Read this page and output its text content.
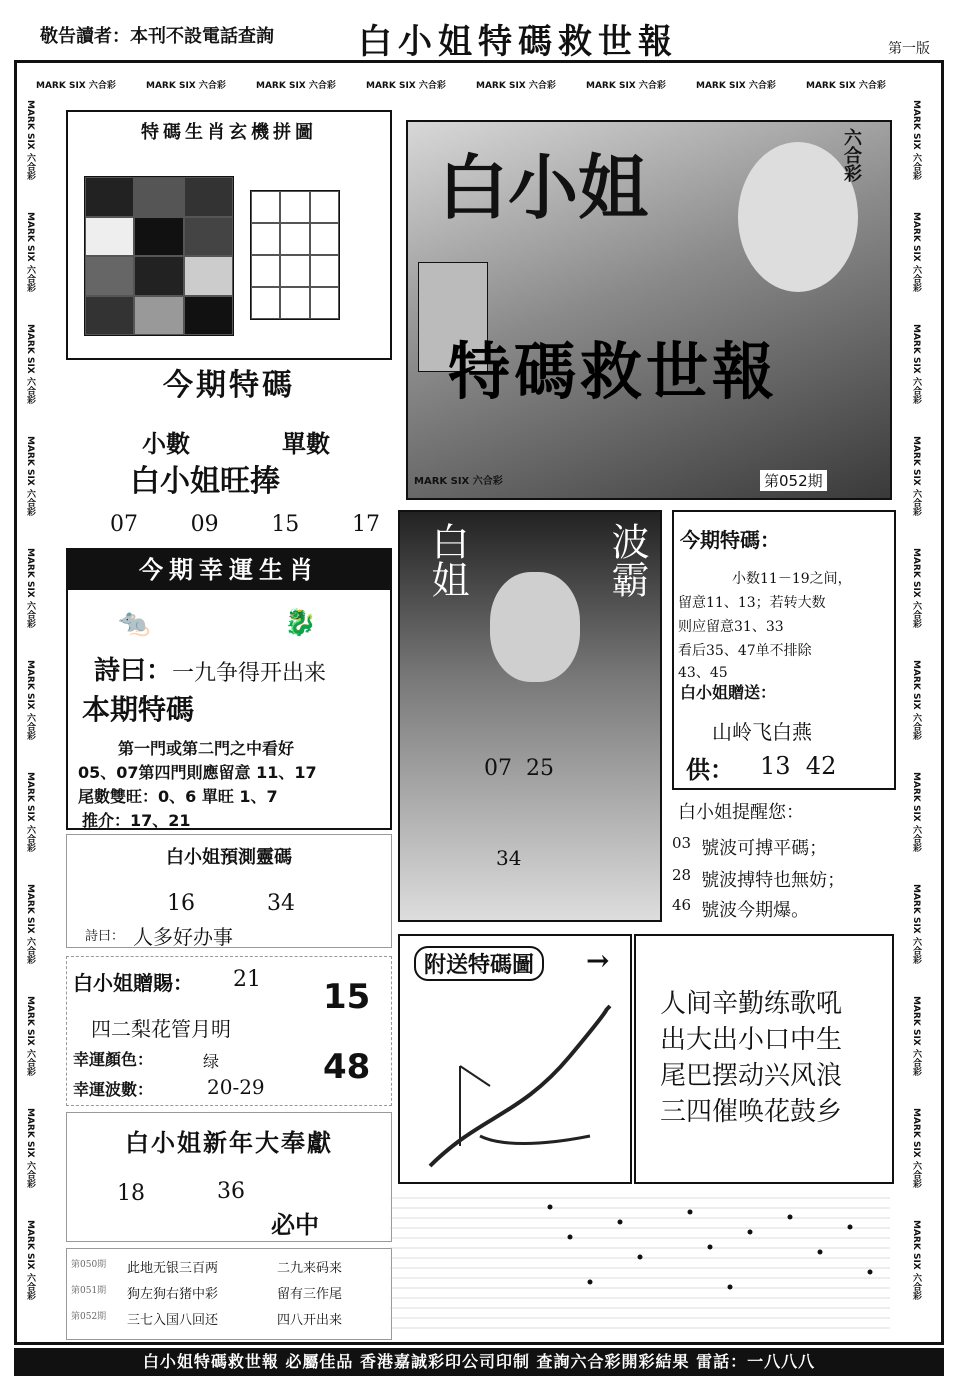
敬告讀者：本刊不設電話查詢 白小姐特碼救世報	第一版
MARK SIX 六合彩	MARK SIX 六合彩	MARK SIX 六合彩	MARK SIX 六合彩	MARK SIX 六合彩	MARK SIX 六合彩	MARK SIX 六合彩	MARK SIX 六合彩
MARK SIX 六合彩
MARK SIX 六合彩
MARK SIX 六合彩
MARK SIX 六合彩
MARK SIX 六合彩
MARK SIX 六合彩
MARK SIX 六合彩
MARK SIX 六合彩
MARK SIX 六合彩
MARK SIX 六合彩
MARK SIX 六合彩
MARK SIX 六合彩
MARK SIX 六合彩
MARK SIX 六合彩
MARK SIX 六合彩
MARK SIX 六合彩
MARK SIX 六合彩
MARK SIX 六合彩
MARK SIX 六合彩
MARK SIX 六合彩
MARK SIX 六合彩
MARK SIX 六合彩
特碼生肖玄機拼圖
今期特碼
小數	單數
白小姐旺捧
07 09 15 17
今期幸運生肖
🐀	🐉
詩曰： 一九争得开出来
本期特碼
第一門或第二門之中看好
05、07第四門則應留意 11、17
尾數雙旺：0、6 單旺 1、7
推介：17、21
白小姐預測靈碼
16	34
詩曰： 人多好办事
白小姐贈賜： 21
四二梨花管月明
幸運顏色：	绿
幸運波數：	20-29
15
48
白小姐新年大奉獻
18	36
必中
第050期	此地无银三百两	二九来码来
第051期	狗左狗右猪中彩	留有三作尾
第052期	三七入国八回还	四八开出来
白小姐	六合彩
特碼救世報
MARK SIX 六合彩	第052期
白姐	波霸
07  25
34
今期特碼：
小数11－19之间，
留意11、13；若转大数
则应留意31、33
看后35、47单不排除
43、45
白小姐贈送：
山岭飞白燕
供： 13  42
白小姐提醒您：
03 號波可搏平碼；
28 號波搏特也無妨；
46 號波今期爆。
附送特碼圖	→
人间辛勤练歌吼
出大出小口中生
尾巴摆动兴风浪
三四催唤花鼓乡
白小姐特碼救世報 必屬佳品 香港嘉誠彩印公司印制 查詢六合彩開彩結果 雷話：一八八八
